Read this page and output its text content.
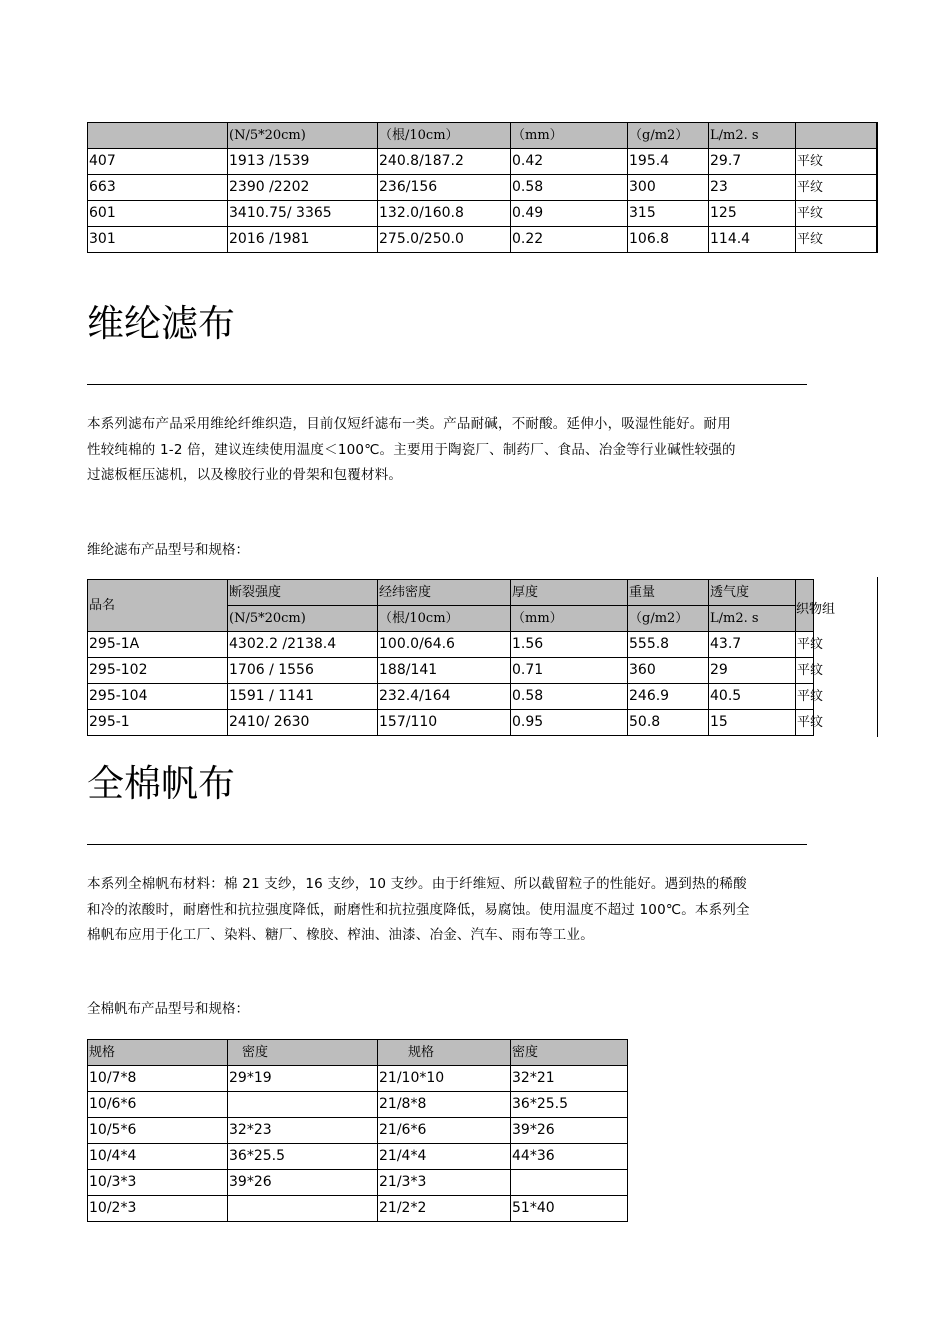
	(N/5*20cm)	（根/10cm）	（mm）	（g/m2）	L/m2. s	
407	1913 /1539	240.8/187.2	0.42	195.4	29.7	平纹
663	2390 /2202	236/156	0.58	300	23	平纹
601	3410.75/ 3365	132.0/160.8	0.49	315	125	平纹
301	2016 /1981	275.0/250.0	0.22	106.8	114.4	平纹
维纶滤布
本系列滤布产品采用维纶纤维织造，目前仅短纤滤布一类。产品耐碱，不耐酸。延伸小，吸湿性能好。耐用
性较纯棉的 1-2 倍，建议连续使用温度＜100℃。主要用于陶瓷厂、制药厂、食品、冶金等行业碱性较强的
过滤板框压滤机，以及橡胶行业的骨架和包覆材料。
维纶滤布产品型号和规格：
品名	断裂强度	经纬密度	厚度	重量	透气度	织物组

	(N/5*20cm)	（根/10cm）	（mm）	（g/m2）	L/m2. s	
295-1A	4302.2 /2138.4	100.0/64.6	1.56	555.8	43.7	平纹
295-102	1706 / 1556	188/141	0.71	360	29	平纹
295-104	1591 / 1141	232.4/164	0.58	246.9	40.5	平纹
295-1	2410/ 2630	157/110	0.95	50.8	15	平纹
全棉帆布
本系列全棉帆布材料：棉 21 支纱，16 支纱，10 支纱。由于纤维短、所以截留粒子的性能好。遇到热的稀酸
和冷的浓酸时，耐磨性和抗拉强度降低，耐磨性和抗拉强度降低，易腐蚀。使用温度不超过 100℃。本系列全
棉帆布应用于化工厂、染料、糖厂、橡胶、榨油、油漆、冶金、汽车、雨布等工业。
全棉帆布产品型号和规格：
规格	密度	规格	密度
10/7*8	29*19	21/10*10	32*21
10/6*6		21/8*8	36*25.5
10/5*6	32*23	21/6*6	39*26
10/4*4	36*25.5	21/4*4	44*36
10/3*3	39*26	21/3*3	
10/2*3		21/2*2	51*40
